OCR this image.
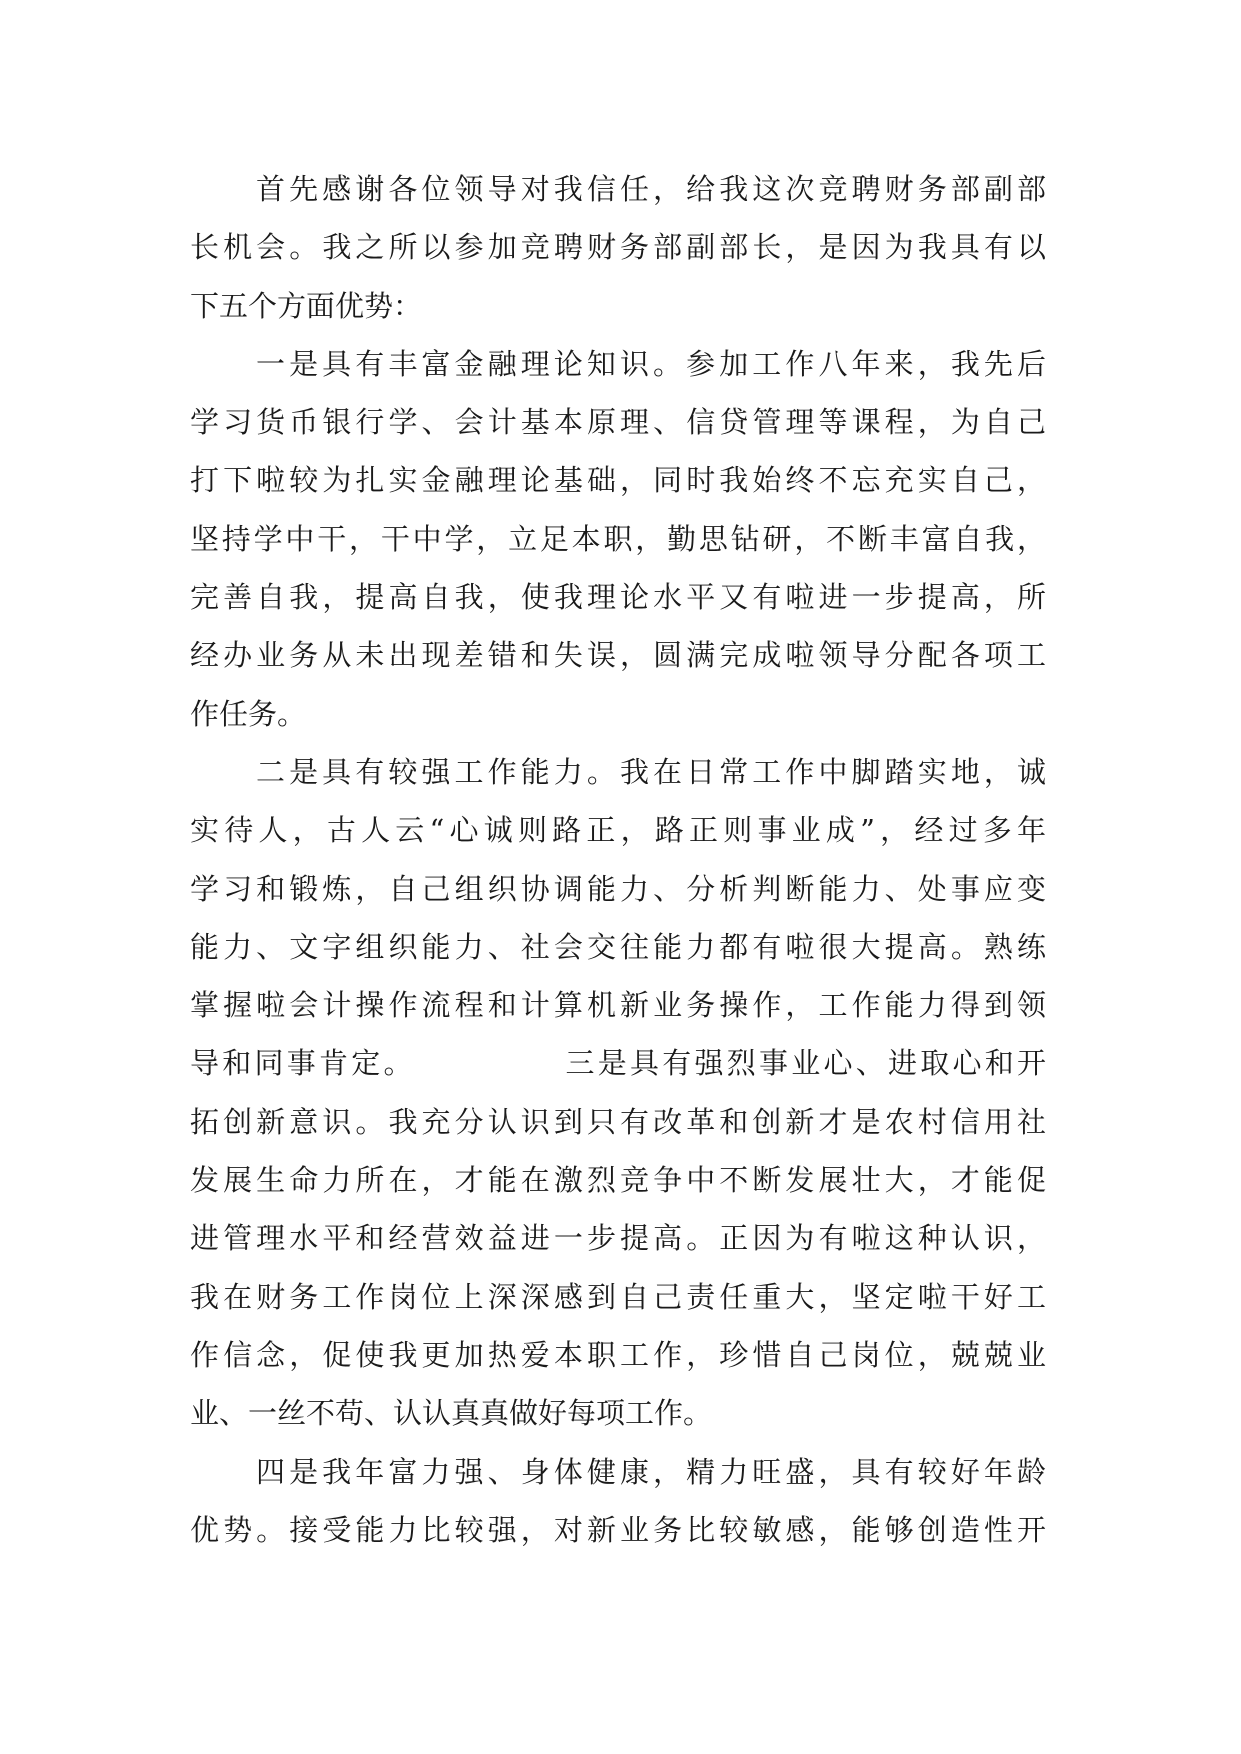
首先感谢各位领导对我信任，给我这次竞聘财务部副部
长机会。我之所以参加竞聘财务部副部长，是因为我具有以
下五个方面优势：
一是具有丰富金融理论知识。参加工作八年来，我先后
学习货币银行学、会计基本原理、信贷管理等课程，为自己
打下啦较为扎实金融理论基础，同时我始终不忘充实自己，
坚持学中干，干中学，立足本职，勤思钻研，不断丰富自我，
完善自我，提高自我，使我理论水平又有啦进一步提高，所
经办业务从未出现差错和失误，圆满完成啦领导分配各项工
作任务。
二是具有较强工作能力。我在日常工作中脚踏实地，诚
实待人，古人云“心诚则路正，路正则事业成”，经过多年
学习和锻炼，自己组织协调能力、分析判断能力、处事应变
能力、文字组织能力、社会交往能力都有啦很大提高。熟练
掌握啦会计操作流程和计算机新业务操作，工作能力得到领
导和同事肯定。            三是具有强烈事业心、进取心和开
拓创新意识。我充分认识到只有改革和创新才是农村信用社
发展生命力所在，才能在激烈竞争中不断发展壮大，才能促
进管理水平和经营效益进一步提高。正因为有啦这种认识，
我在财务工作岗位上深深感到自己责任重大，坚定啦干好工
作信念，促使我更加热爱本职工作，珍惜自己岗位，兢兢业
业、一丝不苟、认认真真做好每项工作。
四是我年富力强、身体健康，精力旺盛，具有较好年龄
优势。接受能力比较强，对新业务比较敏感，能够创造性开
